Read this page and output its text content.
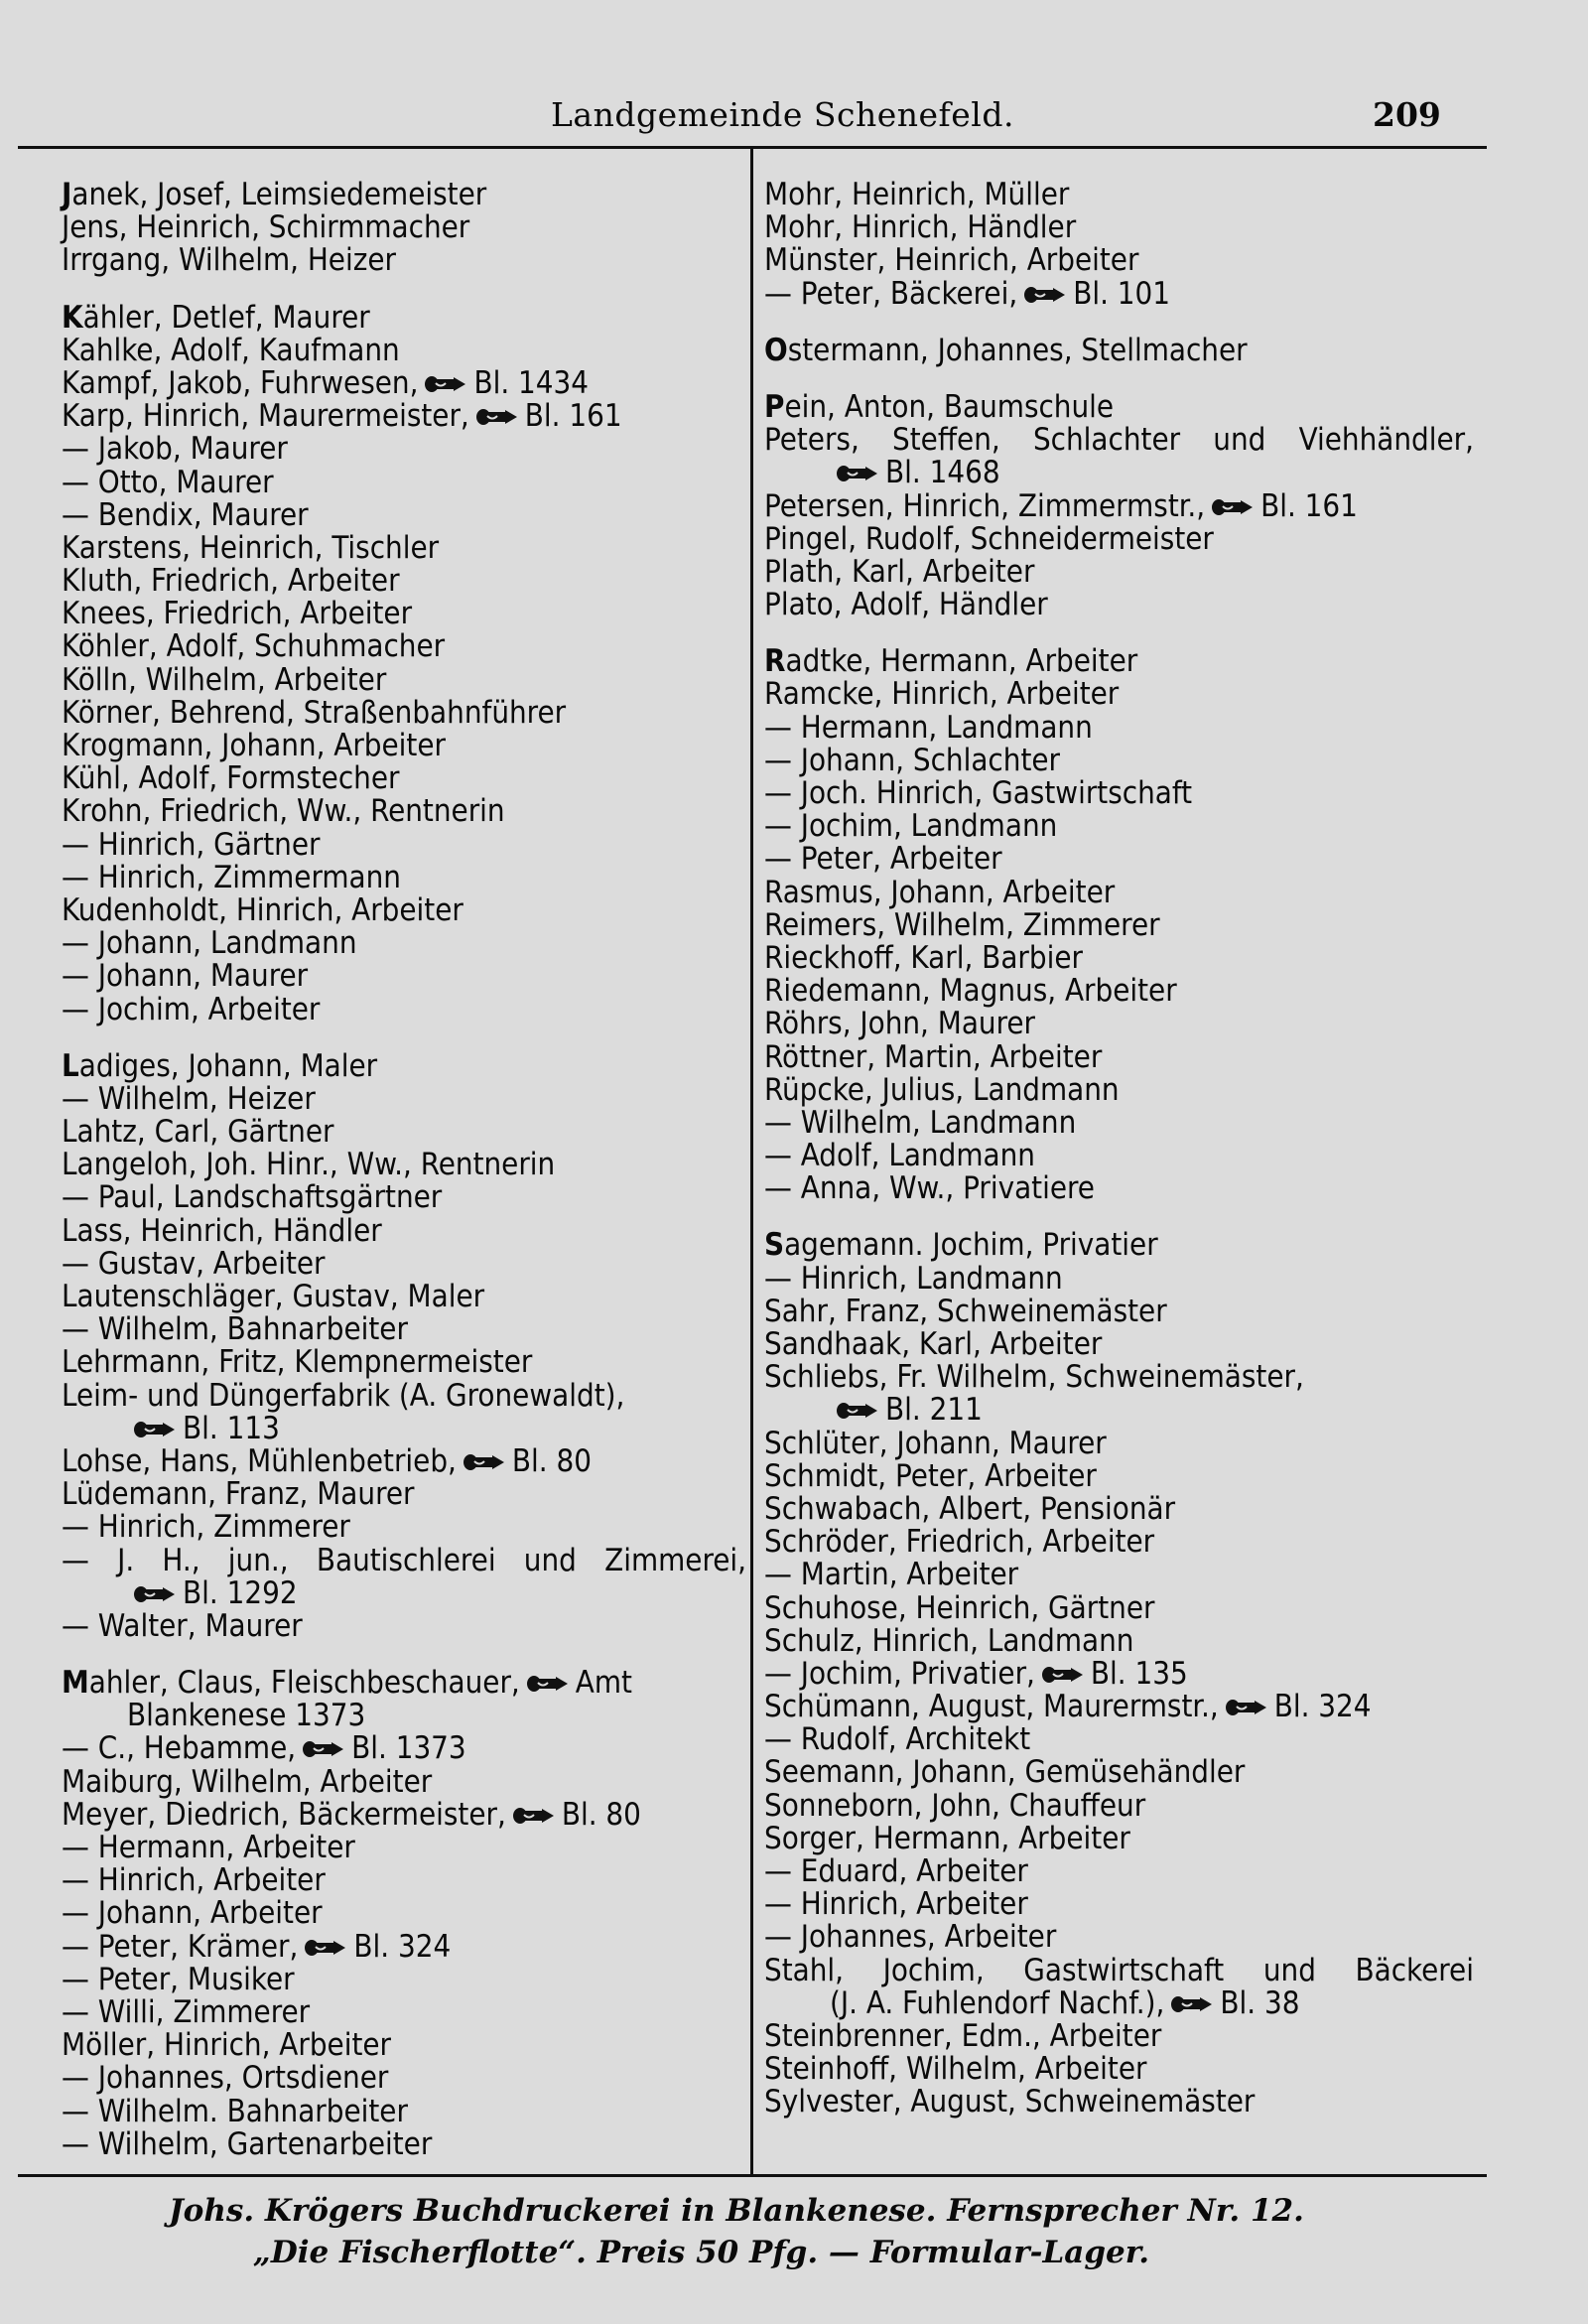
Landgemeinde Schenefeld.	209
Janek, Josef, Leimsiedemeister
Jens, Heinrich, Schirmmacher
Irrgang, Wilhelm, Heizer
Kähler, Detlef, Maurer
Kahlke, Adolf, Kaufmann
Kampf, Jakob, Fuhrwesen, Bl. 1434
Karp, Hinrich, Maurermeister, Bl. 161
— Jakob, Maurer
— Otto, Maurer
— Bendix, Maurer
Karstens, Heinrich, Tischler
Kluth, Friedrich, Arbeiter
Knees, Friedrich, Arbeiter
Köhler, Adolf, Schuhmacher
Kölln, Wilhelm, Arbeiter
Körner, Behrend, Straßenbahnführer
Krogmann, Johann, Arbeiter
Kühl, Adolf, Formstecher
Krohn, Friedrich, Ww., Rentnerin
— Hinrich, Gärtner
— Hinrich, Zimmermann
Kudenholdt, Hinrich, Arbeiter
— Johann, Landmann
— Johann, Maurer
— Jochim, Arbeiter
Ladiges, Johann, Maler
— Wilhelm, Heizer
Lahtz, Carl, Gärtner
Langeloh, Joh. Hinr., Ww., Rentnerin
— Paul, Landschaftsgärtner
Lass, Heinrich, Händler
— Gustav, Arbeiter
Lautenschläger, Gustav, Maler
— Wilhelm, Bahnarbeiter
Lehrmann, Fritz, Klempnermeister
Leim- und Düngerfabrik (A. Gronewaldt),
Bl. 113
Lohse, Hans, Mühlenbetrieb, Bl. 80
Lüdemann, Franz, Maurer
— Hinrich, Zimmerer
— J. H., jun., Bautischlerei und Zimmerei,
Bl. 1292
— Walter, Maurer
Mahler, Claus, Fleischbeschauer, Amt
Blankenese 1373
— C., Hebamme, Bl. 1373
Maiburg, Wilhelm, Arbeiter
Meyer, Diedrich, Bäckermeister, Bl. 80
— Hermann, Arbeiter
— Hinrich, Arbeiter
— Johann, Arbeiter
— Peter, Krämer, Bl. 324
— Peter, Musiker
— Willi, Zimmerer
Möller, Hinrich, Arbeiter
— Johannes, Ortsdiener
— Wilhelm. Bahnarbeiter
— Wilhelm, Gartenarbeiter
Mohr, Heinrich, Müller
Mohr, Hinrich, Händler
Münster, Heinrich, Arbeiter
— Peter, Bäckerei, Bl. 101
Ostermann, Johannes, Stellmacher
Pein, Anton, Baumschule
Peters, Steffen, Schlachter und Viehhändler,
Bl. 1468
Petersen, Hinrich, Zimmermstr., Bl. 161
Pingel, Rudolf, Schneidermeister
Plath, Karl, Arbeiter
Plato, Adolf, Händler
Radtke, Hermann, Arbeiter
Ramcke, Hinrich, Arbeiter
— Hermann, Landmann
— Johann, Schlachter
— Joch. Hinrich, Gastwirtschaft
— Jochim, Landmann
— Peter, Arbeiter
Rasmus, Johann, Arbeiter
Reimers, Wilhelm, Zimmerer
Rieckhoff, Karl, Barbier
Riedemann, Magnus, Arbeiter
Röhrs, John, Maurer
Röttner, Martin, Arbeiter
Rüpcke, Julius, Landmann
— Wilhelm, Landmann
— Adolf, Landmann
— Anna, Ww., Privatiere
Sagemann. Jochim, Privatier
— Hinrich, Landmann
Sahr, Franz, Schweinemäster
Sandhaak, Karl, Arbeiter
Schliebs, Fr. Wilhelm, Schweinemäster,
Bl. 211
Schlüter, Johann, Maurer
Schmidt, Peter, Arbeiter
Schwabach, Albert, Pensionär
Schröder, Friedrich, Arbeiter
— Martin, Arbeiter
Schuhose, Heinrich, Gärtner
Schulz, Hinrich, Landmann
— Jochim, Privatier, Bl. 135
Schümann, August, Maurermstr., Bl. 324
— Rudolf, Architekt
Seemann, Johann, Gemüsehändler
Sonneborn, John, Chauffeur
Sorger, Hermann, Arbeiter
— Eduard, Arbeiter
— Hinrich, Arbeiter
— Johannes, Arbeiter
Stahl, Jochim, Gastwirtschaft und Bäckerei
(J. A. Fuhlendorf Nachf.), Bl. 38
Steinbrenner, Edm., Arbeiter
Steinhoff, Wilhelm, Arbeiter
Sylvester, August, Schweinemäster
Johs. Krögers Buchdruckerei in Blankenese. Fernsprecher Nr. 12.
„Die Fischerflotte“. Preis 50 Pfg. — Formular-Lager.
